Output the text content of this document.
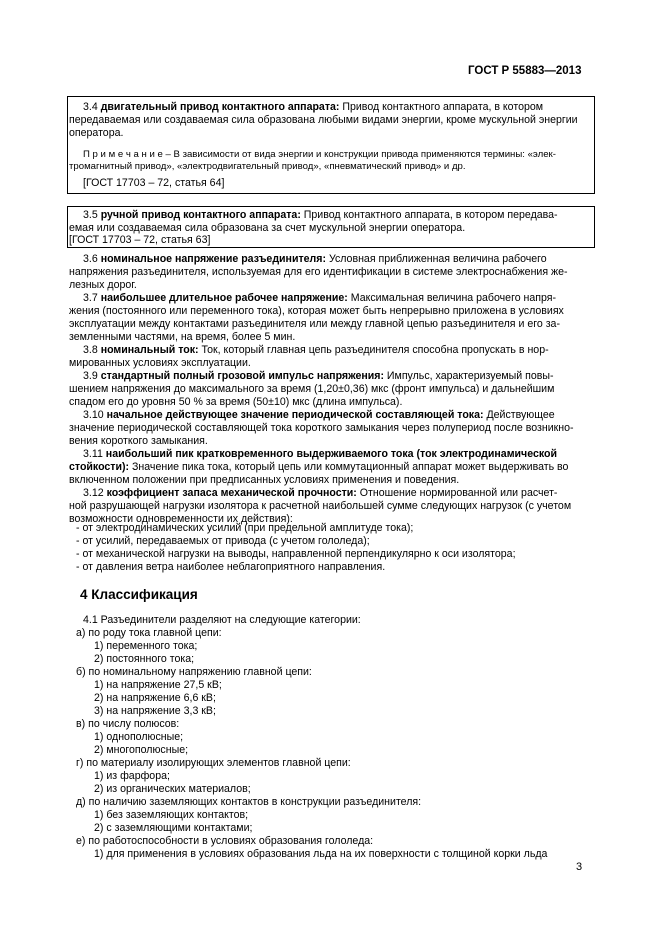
ГОСТ Р 55883—2013
3.4 двигательный привод контактного аппарата: Привод контактного аппарата, в котором
передаваемая или создаваемая сила образована любыми видами энергии, кроме мускульной энергии
оператора.
П р и м е ч а н и е – В зависимости от вида энергии и конструкции привода применяются термины: «элек-
тромагнитный привод», «электродвигательный привод», «пневматический привод» и др.
[ГОСТ 17703 – 72, статья 64]
3.5 ручной привод контактного аппарата: Привод контактного аппарата, в котором передава-
емая или создаваемая сила образована за счет мускульной энергии оператора.
[ГОСТ 17703 – 72, статья 63]
3.6 номинальное напряжение разъединителя: Условная приближенная величина рабочего
напряжения разъединителя, используемая для его идентификации в системе электроснабжения же-
лезных дорог.
3.7 наибольшее длительное рабочее напряжение: Максимальная величина рабочего напря-
жения (постоянного или переменного тока), которая может быть непрерывно приложена в условиях
эксплуатации между контактами разъединителя или между главной цепью разъединителя и его за-
земленными частями, на время, более 5 мин.
3.8 номинальный ток: Ток, который главная цепь разъединителя способна пропускать в нор-
мированных условиях эксплуатации.
3.9 стандартный полный грозовой импульс напряжения: Импульс, характеризуемый повы-
шением напряжения до максимального за время (1,20±0,36) мкс (фронт импульса) и дальнейшим
спадом его до уровня 50 % за время (50±10) мкс (длина импульса).
3.10 начальное действующее значение периодической составляющей тока: Действующее
значение периодической составляющей тока короткого замыкания через полупериод после возникно-
вения короткого замыкания.
3.11 наибольший пик кратковременного выдерживаемого тока (ток электродинамической
стойкости): Значение пика тока, который цепь или коммутационный аппарат может выдерживать во
включенном положении при предписанных условиях применения и поведения.
3.12 коэффициент запаса механической прочности: Отношение нормированной или расчет-
ной разрушающей нагрузки изолятора к расчетной наибольшей сумме следующих нагрузок (с учетом
возможности одновременности их действия):
- от электродинамических усилий (при предельной амплитуде тока);
- от усилий, передаваемых от привода (с учетом гололеда);
- от механической нагрузки на выводы, направленной перпендикулярно к оси изолятора;
- от давления ветра наиболее неблагоприятного направления.
4 Классификация
4.1 Разъединители разделяют на следующие категории:
а) по роду тока главной цепи:
1) переменного тока;
2) постоянного тока;
б) по номинальному напряжению главной цепи:
1) на напряжение 27,5 кВ;
2) на напряжение 6,6 кВ;
3) на напряжение 3,3 кВ;
в) по числу полюсов:
1) однополюсные;
2) многополюсные;
г) по материалу изолирующих элементов главной цепи:
1) из фарфора;
2) из органических материалов;
д) по наличию заземляющих контактов в конструкции разъединителя:
1) без заземляющих контактов;
2) с заземляющими контактами;
е) по работоспособности в условиях образования гололеда:
1) для применения в условиях образования льда на их поверхности с толщиной корки льда
3
